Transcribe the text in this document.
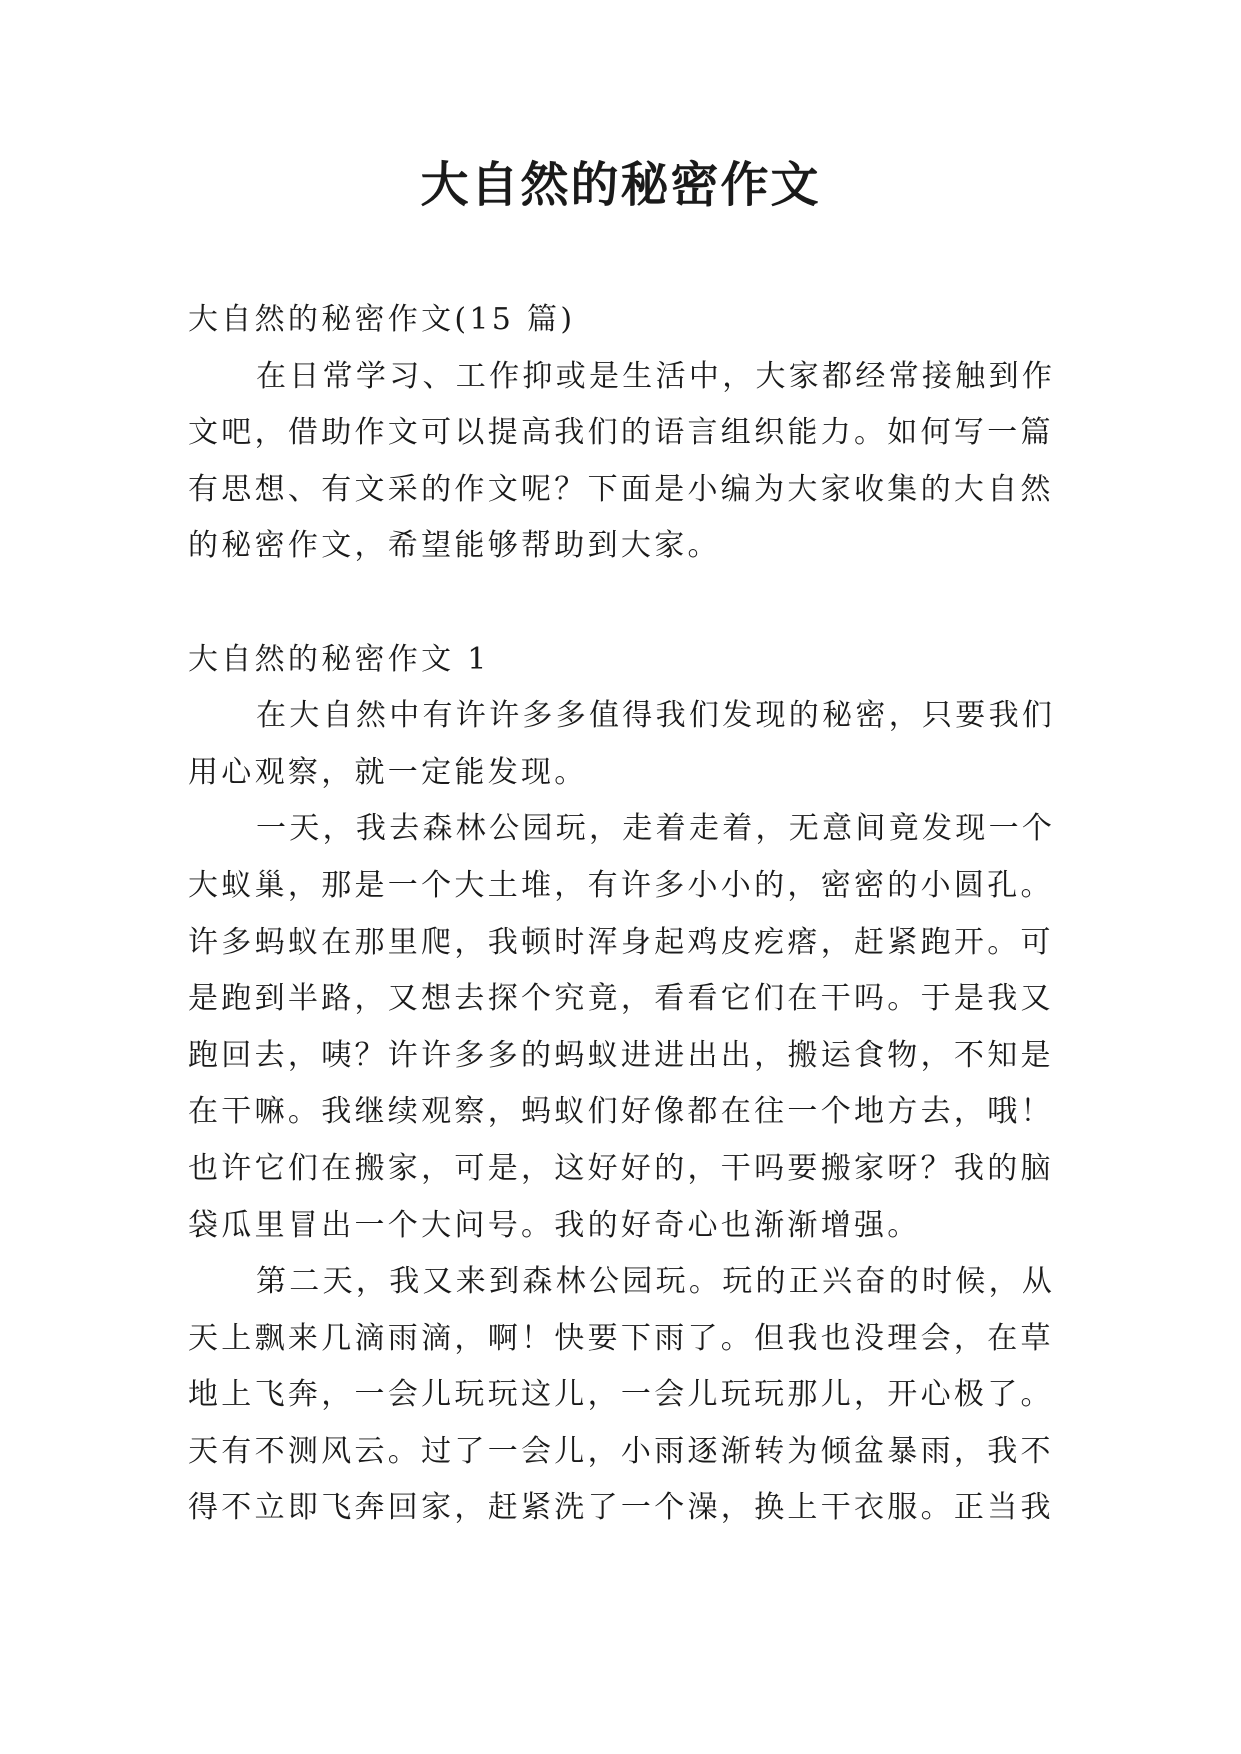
大自然的秘密作文
大自然的秘密作文(15 篇)
在日常学习、工作抑或是生活中，大家都经常接触到作
文吧，借助作文可以提高我们的语言组织能力。如何写一篇
有思想、有文采的作文呢？下面是小编为大家收集的大自然
的秘密作文，希望能够帮助到大家。
大自然的秘密作文 1
在大自然中有许许多多值得我们发现的秘密，只要我们
用心观察，就一定能发现。
一天，我去森林公园玩，走着走着，无意间竟发现一个
大蚁巢，那是一个大土堆，有许多小小的，密密的小圆孔。
许多蚂蚁在那里爬，我顿时浑身起鸡皮疙瘩，赶紧跑开。可
是跑到半路，又想去探个究竟，看看它们在干吗。于是我又
跑回去，咦？许许多多的蚂蚁进进出出，搬运食物，不知是
在干嘛。我继续观察，蚂蚁们好像都在往一个地方去，哦！
也许它们在搬家，可是，这好好的，干吗要搬家呀？我的脑
袋瓜里冒出一个大问号。我的好奇心也渐渐增强。
第二天，我又来到森林公园玩。玩的正兴奋的时候，从
天上飘来几滴雨滴，啊！快要下雨了。但我也没理会，在草
地上飞奔，一会儿玩玩这儿，一会儿玩玩那儿，开心极了。
天有不测风云。过了一会儿，小雨逐渐转为倾盆暴雨，我不
得不立即飞奔回家，赶紧洗了一个澡，换上干衣服。正当我
